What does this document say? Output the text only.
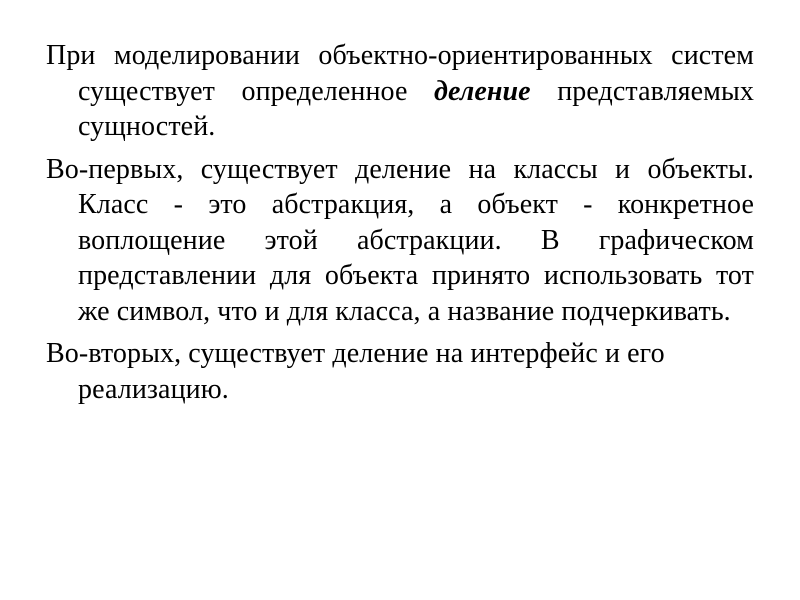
При моделировании объектно-ориентированных систем существует определенное деление представляемых сущностей.

Во-первых, существует деление на классы и объекты. Класс - это абстракция, а объект - конкретное воплощение этой абстракции. В графическом представлении для объекта принято использовать тот же символ, что и для класса, а название подчеркивать.

Во-вторых, существует деление на интерфейс и его реализацию.
